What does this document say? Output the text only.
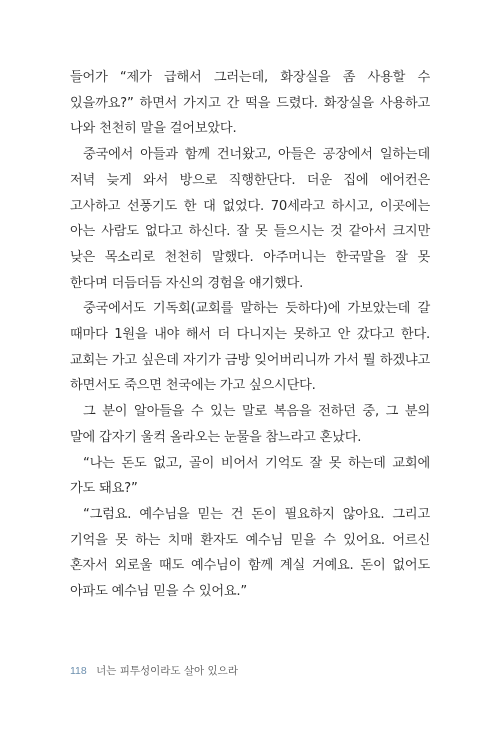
들어가 “제가 급해서 그러는데, 화장실을 좀 사용할 수 있을까요?” 하면서 가지고 간 떡을 드렸다. 화장실을 사용하고 나와 천천히 말을 걸어보았다.

중국에서 아들과 함께 건너왔고, 아들은 공장에서 일하는데 저녁 늦게 와서 방으로 직행한단다. 더운 집에 에어컨은 고사하고 선풍기도 한 대 없었다. 70세라고 하시고, 이곳에는 아는 사람도 없다고 하신다. 잘 못 들으시는 것 같아서 크지만 낮은 목소리로 천천히 말했다. 아주머니는 한국말을 잘 못 한다며 더듬더듬 자신의 경험을 얘기했다.

중국에서도 기독회(교회를 말하는 듯하다)에 가보았는데 갈 때마다 1원을 내야 해서 더 다니지는 못하고 안 갔다고 한다. 교회는 가고 싶은데 자기가 금방 잊어버리니까 가서 뭘 하겠냐고 하면서도 죽으면 천국에는 가고 싶으시단다.

그 분이 알아들을 수 있는 말로 복음을 전하던 중, 그 분의 말에 갑자기 울컥 올라오는 눈물을 참느라고 혼났다.

“나는 돈도 없고, 골이 비어서 기억도 잘 못 하는데 교회에 가도 돼요?”

“그럼요. 예수님을 믿는 건 돈이 필요하지 않아요. 그리고 기억을 못 하는 치매 환자도 예수님 믿을 수 있어요. 어르신 혼자서 외로울 때도 예수님이 함께 계실 거예요. 돈이 없어도 아파도 예수님 믿을 수 있어요.”

118 너는 피투성이라도 살아 있으라
